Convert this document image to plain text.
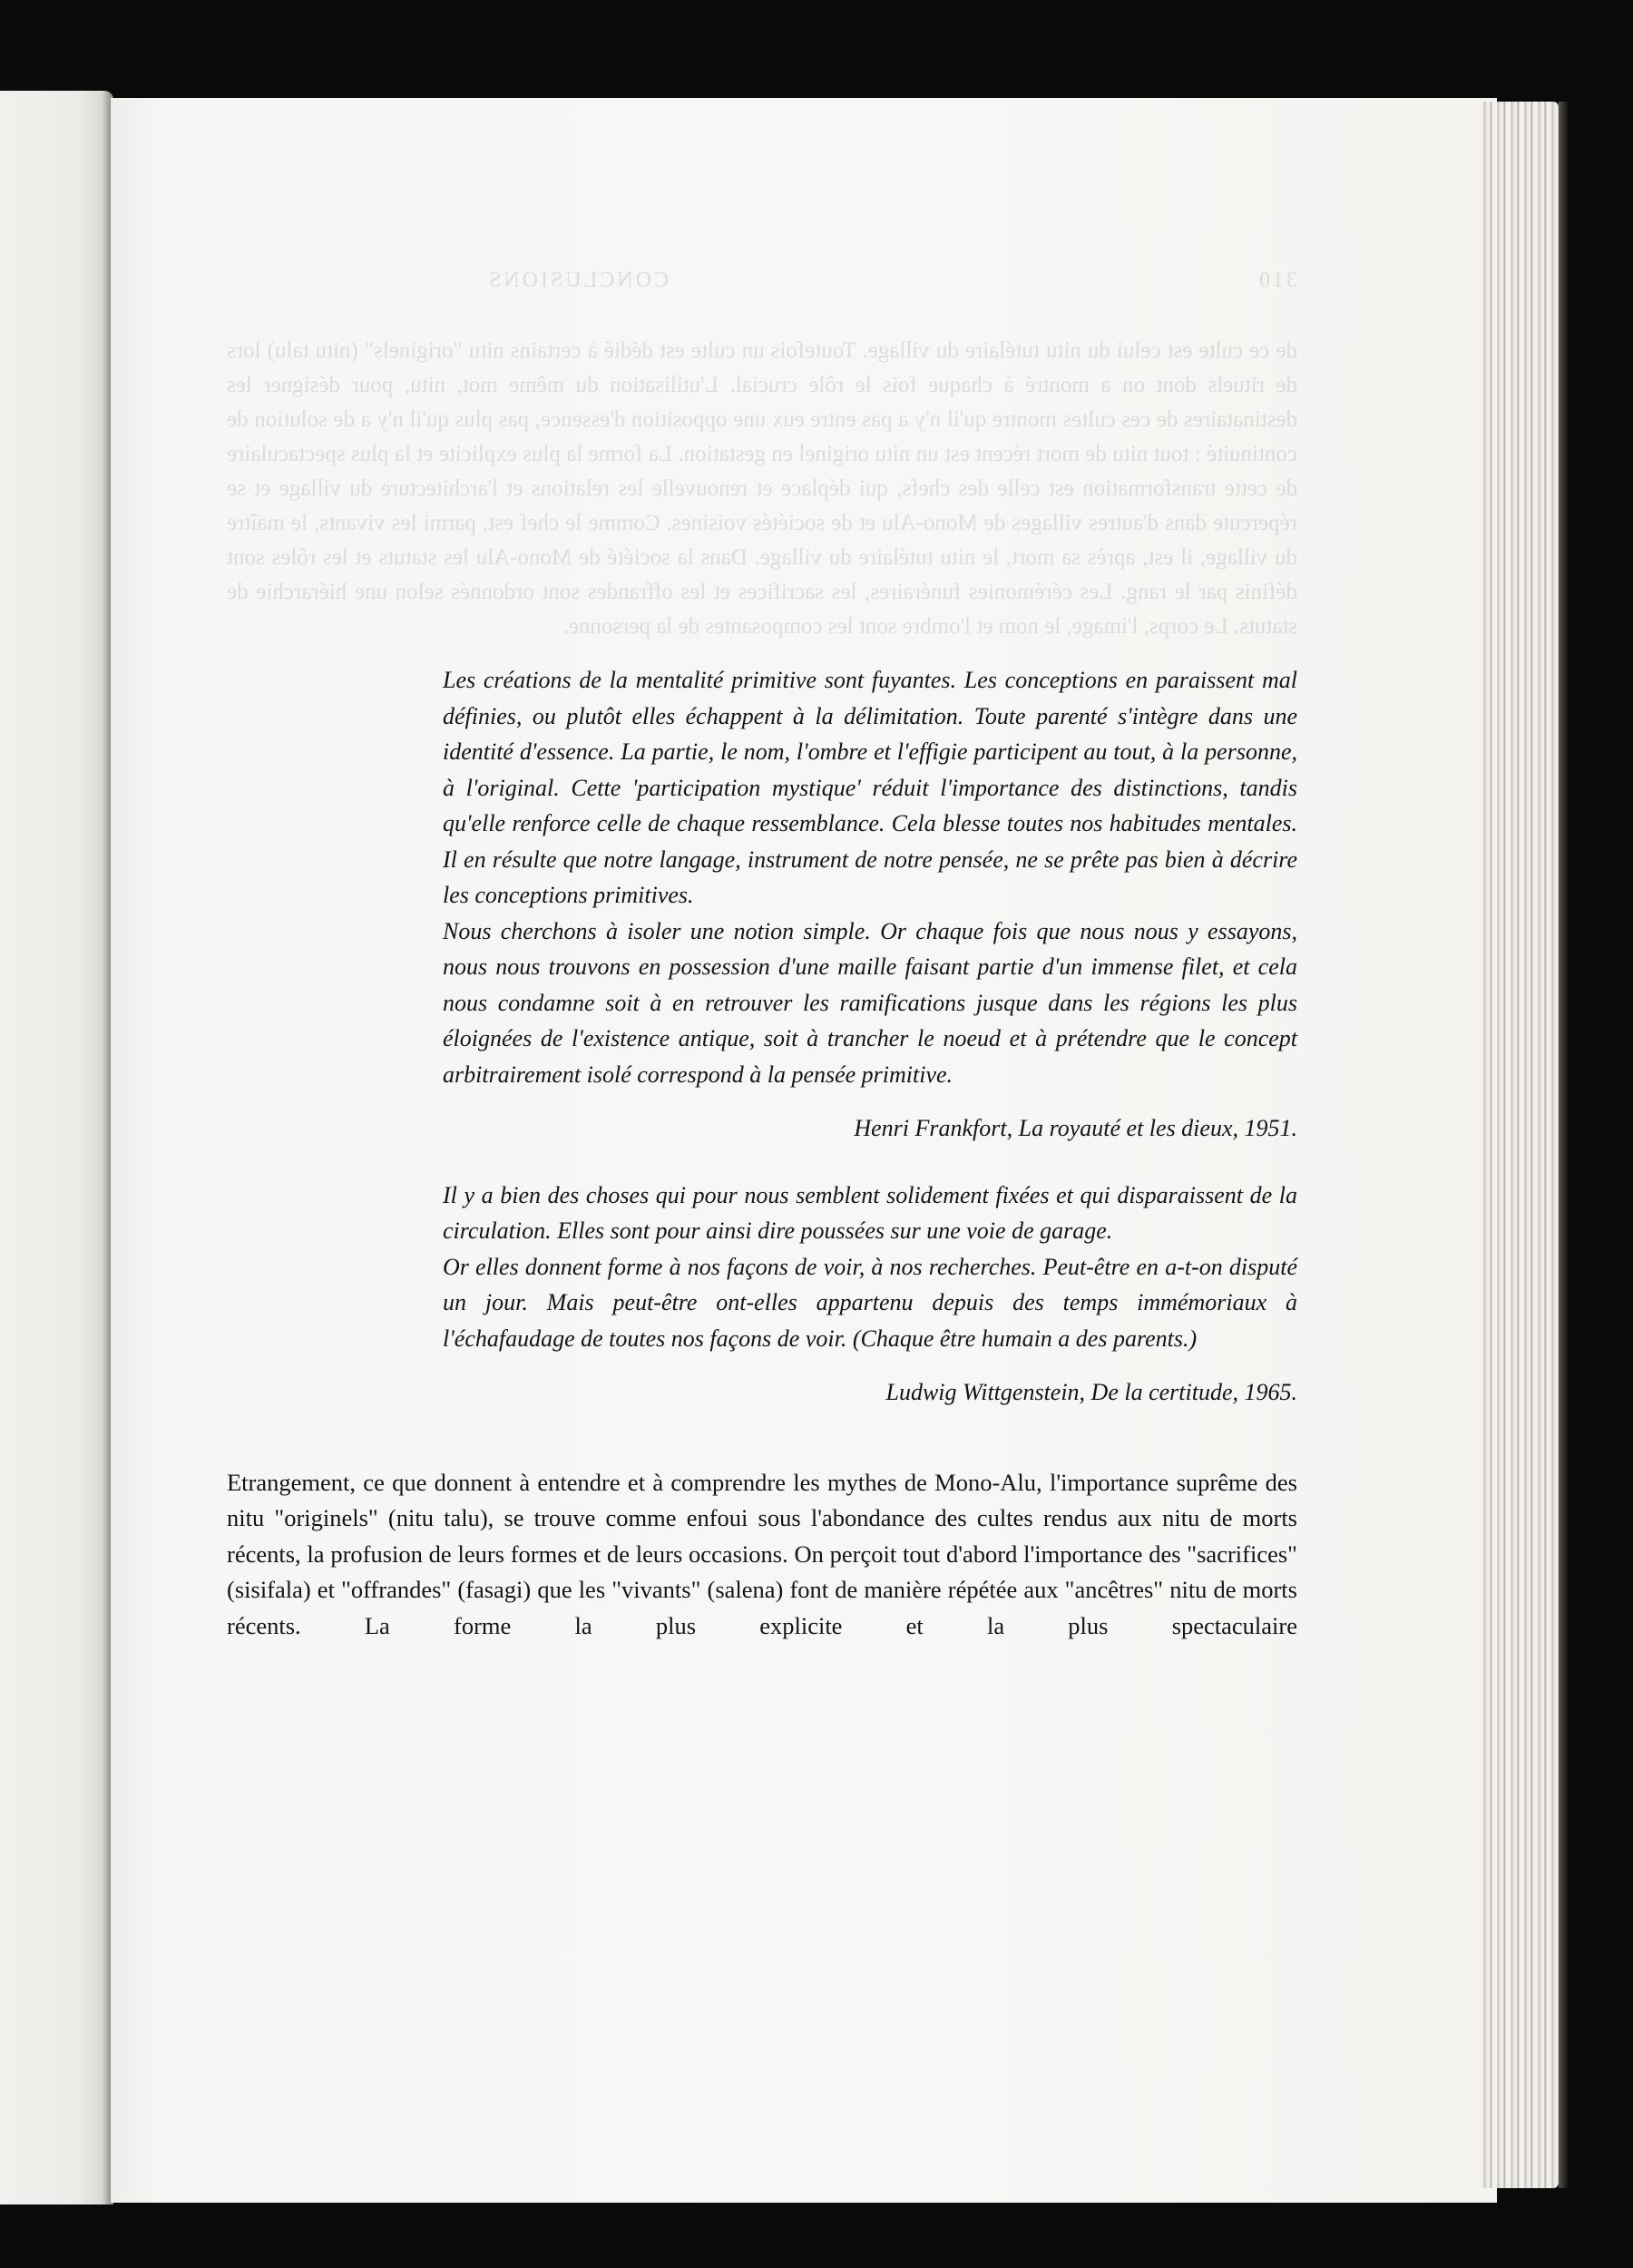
310                                                                        CONCLUSIONS
de ce culte est celui du nitu tutélaire du village. Toutefois un culte est dédié à certains nitu "originels" (nitu talu) lors de rituels dont on a montré à chaque fois le rôle crucial. L'utilisation du même mot, nitu, pour désigner les destinataires de ces cultes montre qu'il n'y a pas entre eux une opposition d'essence, pas plus qu'il n'y a de solution de continuité : tout nitu de mort récent est un nitu originel en gestation. La forme la plus explicite et la plus spectaculaire de cette transformation est celle des chefs, qui déplace et renouvelle les relations et l'architecture du village et se répercute dans d'autres villages de Mono-Alu et de sociétés voisines. Comme le chef est, parmi les vivants, le maître du village, il est, après sa mort, le nitu tutélaire du village. Dans la société de Mono-Alu les statuts et les rôles sont définis par le rang. Les cérémonies funéraires, les sacrifices et les offrandes sont ordonnés selon une hiérarchie de statuts. Le corps, l'image, le nom et l'ombre sont les composantes de la personne.

Les créations de la mentalité primitive sont fuyantes. Les conceptions en paraissent mal définies, ou plutôt elles échappent à la délimitation. Toute parenté s'intègre dans une identité d'essence. La partie, le nom, l'ombre et l'effigie participent au tout, à la personne, à l'original. Cette 'participation mystique' réduit l'importance des distinctions, tandis qu'elle renforce celle de chaque ressemblance. Cela blesse toutes nos habitudes mentales. Il en résulte que notre langage, instrument de notre pensée, ne se prête pas bien à décrire les conceptions primitives.

Nous cherchons à isoler une notion simple. Or chaque fois que nous nous y essayons, nous nous trouvons en possession d'une maille faisant partie d'un immense filet, et cela nous condamne soit à en retrouver les ramifications jusque dans les régions les plus éloignées de l'existence antique, soit à trancher le noeud et à prétendre que le concept arbitrairement isolé correspond à la pensée primitive.

Henri Frankfort, La royauté et les dieux, 1951.

Il y a bien des choses qui pour nous semblent solidement fixées et qui disparaissent de la circulation. Elles sont pour ainsi dire poussées sur une voie de garage.

Or elles donnent forme à nos façons de voir, à nos recherches. Peut-être en a-t-on disputé un jour. Mais peut-être ont-elles appartenu depuis des temps immémoriaux à l'échafaudage de toutes nos façons de voir. (Chaque être humain a des parents.)

Ludwig Wittgenstein, De la certitude, 1965.

Etrangement, ce que donnent à entendre et à comprendre les mythes de Mono-Alu, l'importance suprême des nitu "originels" (nitu talu), se trouve comme enfoui sous l'abondance des cultes rendus aux nitu de morts récents, la profusion de leurs formes et de leurs occasions. On perçoit tout d'abord l'importance des "sacrifices" (sisifala) et "offrandes" (fasagi) que les "vivants" (salena) font de manière répétée aux "ancêtres" nitu de morts récents. La forme la plus explicite et la plus spectaculaire
